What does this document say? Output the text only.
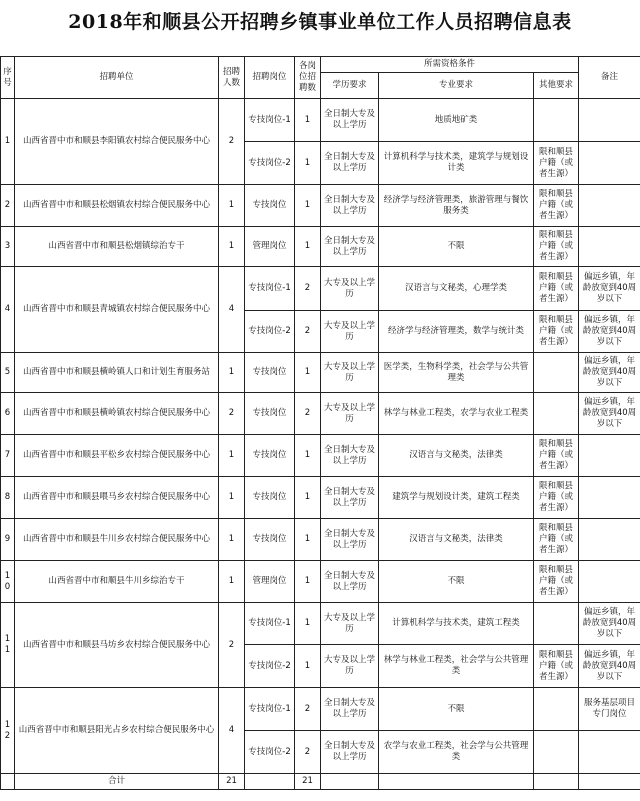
2018年和顺县公开招聘乡镇事业单位工作人员招聘信息表
序号	招聘单位	招聘人数	招聘岗位	各岗位招聘数	所需资格条件			备注
					学历要求	专业要求	其他要求	
1	山西省晋中市和顺县李阳镇农村综合便民服务中心	2	专技岗位-1	1	全日制大专及以上学历	地质地矿类		
			专技岗位-2	1	全日制大专及以上学历	计算机科学与技术类，建筑学与规划设计类	限和顺县户籍（或者生源）	
2	山西省晋中市和顺县松烟镇农村综合便民服务中心	1	专技岗位	1	全日制大专及以上学历	经济学与经济管理类，旅游管理与餐饮服务类	限和顺县户籍（或者生源）	
3	山西省晋中市和顺县松烟镇综治专干	1	管理岗位	1	全日制大专及以上学历	不限	限和顺县户籍（或者生源）	
4	山西省晋中市和顺县青城镇农村综合便民服务中心	4	专技岗位-1	2	大专及以上学历	汉语言与文秘类，心理学类	限和顺县户籍（或者生源）	偏远乡镇，年龄放宽到40周岁以下
			专技岗位-2	2	大专及以上学历	经济学与经济管理类，数学与统计类	限和顺县户籍（或者生源）	偏远乡镇，年龄放宽到40周岁以下
5	山西省晋中市和顺县横岭镇人口和计划生育服务站	1	专技岗位	1	大专及以上学历	医学类，生物科学类，社会学与公共管理类		偏远乡镇，年龄放宽到40周岁以下
6	山西省晋中市和顺县横岭镇农村综合便民服务中心	2	专技岗位	2	大专及以上学历	林学与林业工程类，农学与农业工程类		偏远乡镇，年龄放宽到40周岁以下
7	山西省晋中市和顺县平松乡农村综合便民服务中心	1	专技岗位	1	全日制大专及以上学历	汉语言与文秘类，法律类	限和顺县户籍（或者生源）	
8	山西省晋中市和顺县喂马乡农村综合便民服务中心	1	专技岗位	1	全日制大专及以上学历	建筑学与规划设计类，建筑工程类	限和顺县户籍（或者生源）	
9	山西省晋中市和顺县牛川乡农村综合便民服务中心	1	专技岗位	1	全日制大专及以上学历	汉语言与文秘类，法律类	限和顺县户籍（或者生源）	
10	山西省晋中市和顺县牛川乡综治专干	1	管理岗位	1	全日制大专及以上学历	不限	限和顺县户籍（或者生源）	
11	山西省晋中市和顺县马坊乡农村综合便民服务中心	2	专技岗位-1	1	大专及以上学历	计算机科学与技术类，建筑工程类		偏远乡镇，年龄放宽到40周岁以下
			专技岗位-2	1	大专及以上学历	林学与林业工程类，社会学与公共管理类	限和顺县户籍（或者生源）	偏远乡镇，年龄放宽到40周岁以下
12	山西省晋中市和顺县阳光占乡农村综合便民服务中心	4	专技岗位-1	2	全日制大专及以上学历	不限		服务基层项目专门岗位
			专技岗位-2	2	全日制大专及以上学历	农学与农业工程类，社会学与公共管理类		
	合计	21		21				
